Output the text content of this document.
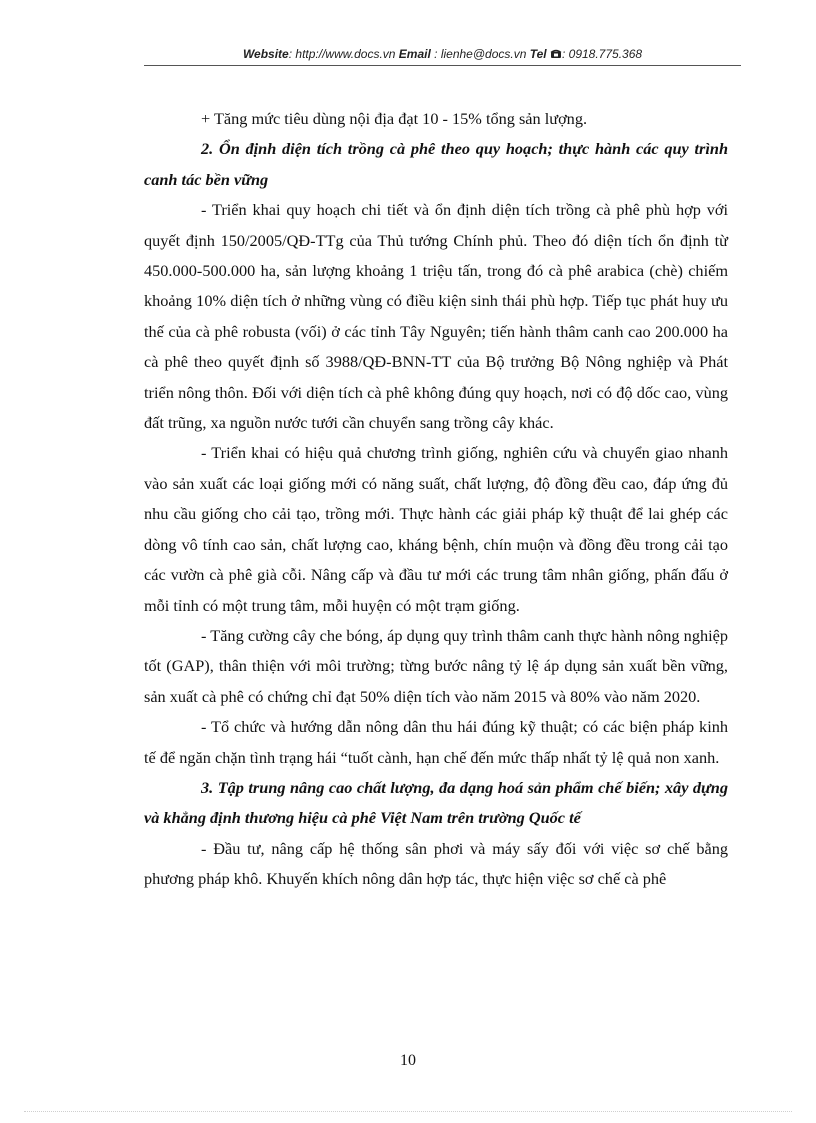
Website: http://www.docs.vn Email : lienhe@docs.vn Tel : 0918.775.368

+ Tăng mức tiêu dùng nội địa đạt 10 - 15% tổng sản lượng.

2. Ổn định diện tích trồng cà phê theo quy hoạch; thực hành các quy trình canh tác bền vững

- Triển khai quy hoạch chi tiết và ổn định diện tích trồng cà phê phù hợp với quyết định 150/2005/QĐ-TTg của Thủ tướng Chính phủ. Theo đó diện tích ổn định từ 450.000-500.000 ha, sản lượng khoảng 1 triệu tấn, trong đó cà phê arabica (chè) chiếm khoảng 10% diện tích ở những vùng có điều kiện sinh thái phù hợp. Tiếp tục phát huy ưu thế của cà phê robusta (vối) ở các tỉnh Tây Nguyên; tiến hành thâm canh cao 200.000 ha cà phê theo quyết định số 3988/QĐ-BNN-TT của Bộ trưởng Bộ Nông nghiệp và Phát triển nông thôn. Đối với diện tích cà phê không đúng quy hoạch, nơi có độ dốc cao, vùng đất trũng, xa nguồn nước tưới cần chuyển sang trồng cây khác.

- Triển khai có hiệu quả chương trình giống, nghiên cứu và chuyển giao nhanh vào sản xuất các loại giống mới có năng suất, chất lượng, độ đồng đều cao, đáp ứng đủ nhu cầu giống cho cải tạo, trồng mới. Thực hành các giải pháp kỹ thuật để lai ghép các dòng vô tính cao sản, chất lượng cao, kháng bệnh, chín muộn và đồng đều trong cải tạo các vườn cà phê già cỗi. Nâng cấp và đầu tư mới các trung tâm nhân giống, phấn đấu ở mỗi tỉnh có một trung tâm, mỗi huyện có một trạm giống.

- Tăng cường cây che bóng, áp dụng quy trình thâm canh thực hành nông nghiệp tốt (GAP), thân thiện với môi trường; từng bước nâng tỷ lệ áp dụng sản xuất bền vững, sản xuất cà phê có chứng chỉ đạt 50% diện tích vào năm 2015 và 80% vào năm 2020.

- Tổ chức và hướng dẫn nông dân thu hái đúng kỹ thuật; có các biện pháp kinh tế để ngăn chặn tình trạng hái “tuốt cành, hạn chế đến mức thấp nhất tỷ lệ quả non xanh.

3. Tập trung nâng cao chất lượng, đa dạng hoá sản phẩm chế biến; xây dựng và khẳng định thương hiệu cà phê Việt Nam trên trường Quốc tế

- Đầu tư, nâng cấp hệ thống sân phơi và máy sấy đối với việc sơ chế bằng phương pháp khô. Khuyến khích nông dân hợp tác, thực hiện việc sơ chế cà phê

10
